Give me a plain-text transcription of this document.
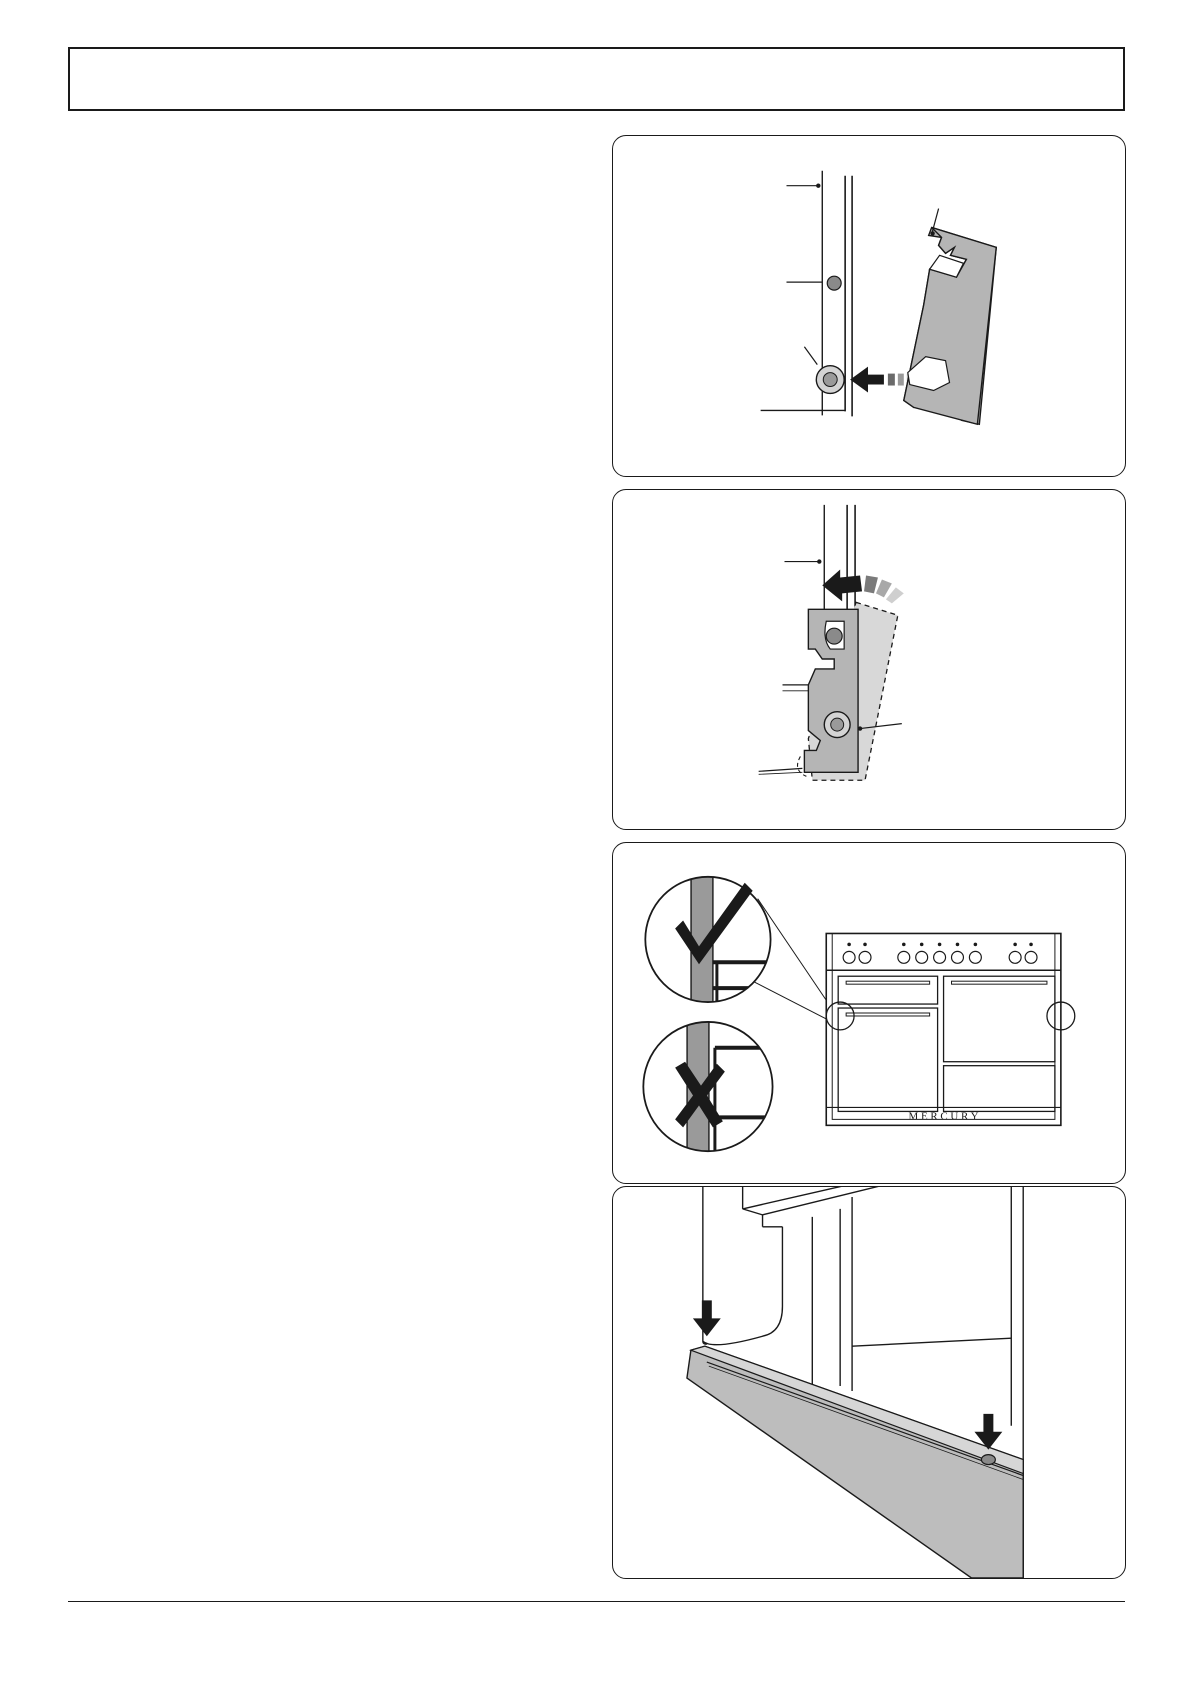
M E R C U R Y
